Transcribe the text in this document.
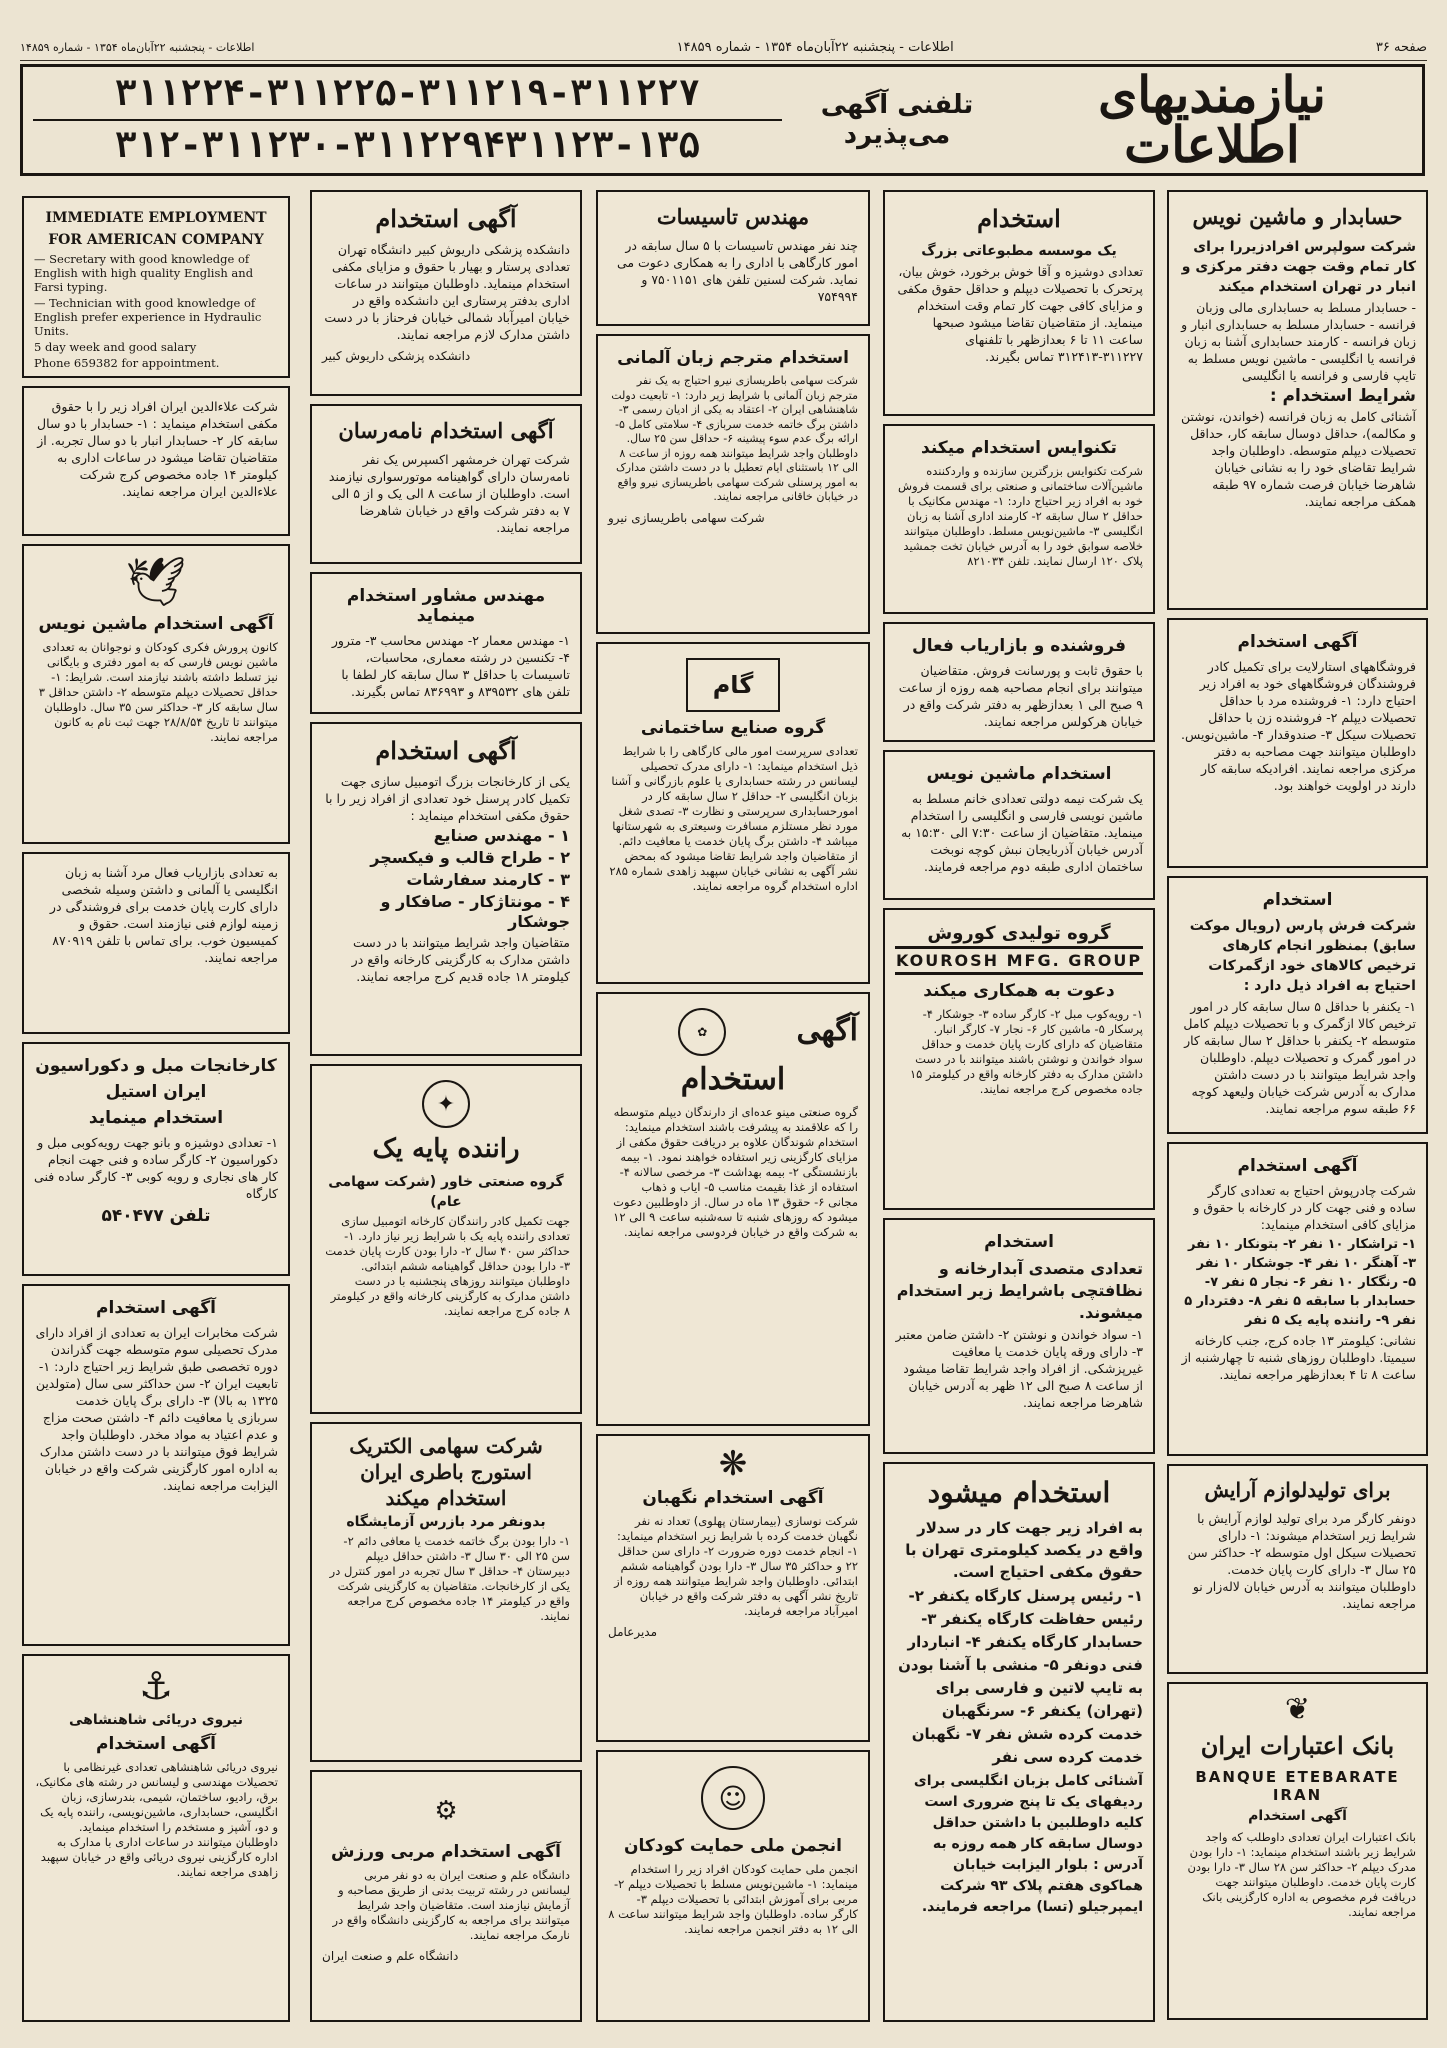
صفحه ٣۶
اطلاعات - پنجشنبه ٢٢آبان‌ماه ١٣۵۴ - شماره ١۴٨۵٩
اطلاعات - پنجشنبه ٢٢آبان‌ماه ١٣۵۴ - شماره ١۴٨۵٩
نیازمندیهای اطلاعات
تلفنی آگهی می‌پذیرد
٣١١٢٢۴-٣١١٢٢۵-٣١١٢٢٧-٣١١٢١٩
٣١١٢٢٩-٣١١٢٣٠-٣١٢۴١٣-٣١١٢٣۵
حسابدار و ماشین نویس
شرکت سولپرس افرادزیررا برای کار تمام وقت جهت دفتر مرکزی و انبار در تهران استخدام میکند
- حسابدار مسلط به حسابداری مالی وزبان فرانسه - حسابدار مسلط به حسابداری انبار و زبان فرانسه - کارمند حسابداری آشنا به زبان فرانسه یا انگلیسی - ماشین نویس مسلط به تایپ فارسی و فرانسه یا انگلیسی
شرایط استخدام :
آشنائی کامل به زبان فرانسه (خواندن، نوشتن و مکالمه)، حداقل دوسال سابقه کار، حداقل تحصیلات دیپلم متوسطه. داوطلبان واجد شرایط تقاضای خود را به نشانی خیابان شاهرضا خیابان فرصت شماره ۹٧ طبقه همکف مراجعه نمایند.
آگهی استخدام
فروشگاههای استارلایت برای تکمیل کادر فروشندگان فروشگاههای خود به افراد زیر احتیاج دارد: ١- فروشنده مرد با حداقل تحصیلات دیپلم ٢- فروشنده زن با حداقل تحصیلات سیکل ٣- صندوقدار ۴- ماشین‌نویس. داوطلبان میتوانند جهت مصاحبه به دفتر مرکزی مراجعه نمایند. افرادیکه سابقه کار دارند در اولویت خواهند بود.
استخدام
شرکت فرش پارس (رویال موکت سابق) بمنظور انجام کارهای ترخیص کالاهای خود ازگمرکات احتیاج به افراد ذیل دارد :
١- یکنفر با حداقل ۵ سال سابقه کار در امور ترخیص کالا ازگمرک و با تحصیلات دیپلم کامل متوسطه ٢- یکنفر با حداقل ٢ سال سابقه کار در امور گمرک و تحصیلات دیپلم. داوطلبان واجد شرایط میتوانند با در دست داشتن مدارک به آدرس شرکت خیابان ولیعهد کوچه ۶۶ طبقه سوم مراجعه نمایند.
آگهی استخدام
شرکت چادرپوش احتیاج به تعدادی کارگر ساده و فنی جهت کار در کارخانه با حقوق و مزایای کافی استخدام مینماید:
١- تراشکار ١٠ نفر ٢- بتونکار ١٠ نفر ٣- آهنگر ١٠ نفر ۴- جوشکار ١٠ نفر ۵- رنگکار ١٠ نفر ۶- نجار ۵ نفر ٧- حسابدار با سابقه ۵ نفر ٨- دفتردار ۵ نفر ٩- راننده پایه یک ۵ نفر
نشانی: کیلومتر ١٣ جاده کرج، جنب کارخانه سیمیتا. داوطلبان روزهای شنبه تا چهارشنبه از ساعت ٨ تا ۴ بعدازظهر مراجعه نمایند.
برای تولیدلوازم آرایش
دونفر کارگر مرد برای تولید لوازم آرایش با شرایط زیر استخدام میشوند: ١- دارای تحصیلات سیکل اول متوسطه ٢- حداکثر سن ٢۵ سال ٣- دارای کارت پایان خدمت. داوطلبان میتوانند به آدرس خیابان لاله‌زار نو مراجعه نمایند.
❦
بانک اعتبارات ایران
BANQUE ETEBARATE IRAN
آگهی استخدام
بانک اعتبارات ایران تعدادی داوطلب که واجد شرایط زیر باشند استخدام مینماید: ١- دارا بودن مدرک دیپلم ٢- حداکثر سن ٢٨ سال ٣- دارا بودن کارت پایان خدمت. داوطلبان میتوانند جهت دریافت فرم مخصوص به اداره کارگزینی بانک مراجعه نمایند.
استخدام
یک موسسه مطبوعاتی بزرگ
تعدادی دوشیزه و آقا خوش برخورد، خوش بیان، پرتحرک با تحصیلات دیپلم و حداقل حقوق مکفی و مزایای کافی جهت کار تمام وقت استخدام مینماید. از متقاضیان تقاضا میشود صبحها ساعت ١١ تا ۶ بعدازظهر با تلفنهای ٣١١٢٢٧-٣١٢۴١٣ تماس بگیرند.
تکنوایس استخدام میکند
شرکت تکنوایس بزرگترین سازنده و واردکننده ماشین‌آلات ساختمانی و صنعتی برای قسمت فروش خود به افراد زیر احتیاج دارد: ١- مهندس مکانیک با حداقل ٢ سال سابقه ٢- کارمند اداری آشنا به زبان انگلیسی ٣- ماشین‌نویس مسلط. داوطلبان میتوانند خلاصه سوابق خود را به آدرس خیابان تخت جمشید پلاک ١٢٠ ارسال نمایند. تلفن ٨٢١٠٣۴
فروشنده و بازاریاب فعال
با حقوق ثابت و پورسانت فروش. متقاضیان میتوانند برای انجام مصاحبه همه روزه از ساعت ٩ صبح الی ١ بعدازظهر به دفتر شرکت واقع در خیابان هرکولس مراجعه نمایند.
استخدام ماشین نویس
یک شرکت نیمه دولتی تعدادی خانم مسلط به ماشین نویسی فارسی و انگلیسی را استخدام مینماید. متقاضیان از ساعت ٧:٣٠ الی ١۵:٣٠ به آدرس خیابان آذربایجان نبش کوچه نوبخت ساختمان اداری طبقه دوم مراجعه فرمایند.
گروه تولیدی کوروش
KOUROSH MFG. GROUP
دعوت به همکاری میکند
١- رویه‌کوب مبل ٢- کارگر ساده ٣- جوشکار ۴- پرسکار ۵- ماشین کار ۶- نجار ٧- کارگر انبار. متقاضیان که دارای کارت پایان خدمت و حداقل سواد خواندن و نوشتن باشند میتوانند با در دست داشتن مدارک به دفتر کارخانه واقع در کیلومتر ١۵ جاده مخصوص کرج مراجعه نمایند.
استخدام
تعدادی متصدی آبدارخانه و نظافتچی باشرایط زیر استخدام میشوند.
١- سواد خواندن و نوشتن ٢- داشتن ضامن معتبر ٣- دارای ورقه پایان خدمت یا معافیت غیرپزشکی. از افراد واجد شرایط تقاضا میشود از ساعت ٨ صبح الی ١٢ ظهر به آدرس خیابان شاهرضا مراجعه نمایند.
استخدام میشود
به افراد زیر جهت کار در سدلار واقع در یکصد کیلومتری تهران با حقوق مکفی احتیاج است.
١- رئیس پرسنل کارگاه یکنفر ٢- رئیس حفاظت کارگاه یکنفر ٣- حسابدار کارگاه یکنفر ۴- انباردار فنی دونفر ۵- منشی با آشنا بودن به تایپ لاتین و فارسی برای (تهران) یکنفر ۶- سرنگهبان خدمت کرده شش نفر ٧- نگهبان خدمت کرده سی نفر
آشنائی کامل بزبان انگلیسی برای ردیفهای یک تا پنج ضروری است کلیه داوطلبین با داشتن حداقل دوسال سابقه کار همه روزه به آدرس : بلوار الیزابت خیابان هماکوی هفتم پلاک ٩٣ شرکت ایمپرجیلو (تسا) مراجعه فرمایند.
مهندس تاسیسات
چند نفر مهندس تاسیسات با ۵ سال سابقه در امور کارگاهی با اداری را به همکاری دعوت می نماید. شرکت لسنین تلفن های ٧۵٠١١۵١ و ٧۵۴٩٩۴
استخدام مترجم زبان آلمانی
شرکت سهامی باطریسازی نیرو احتیاج به یک نفر مترجم زبان آلمانی با شرایط زیر دارد: ١- تابعیت دولت شاهنشاهی ایران ٢- اعتقاد به یکی از ادیان رسمی ٣- داشتن برگ خاتمه خدمت سربازی ۴- سلامتی کامل ۵- ارائه برگ عدم سوء پیشینه ۶- حداقل سن ٢۵ سال. داوطلبان واجد شرایط میتوانند همه روزه از ساعت ٨ الی ١٢ باستثنای ایام تعطیل با در دست داشتن مدارک به امور پرسنلی شرکت سهامی باطریسازی نیرو واقع در خیابان خاقانی مراجعه نمایند.
شرکت سهامی باطریسازی نیرو
گام
گروه صنایع ساختمانی
تعدادی سرپرست امور مالی کارگاهی را با شرایط ذیل استخدام مینماید: ١- دارای مدرک تحصیلی لیسانس در رشته حسابداری یا علوم بازرگانی و آشنا بزبان انگلیسی ٢- حداقل ٢ سال سابقه کار در امورحسابداری سرپرستی و نظارت ٣- تصدی شغل مورد نظر مستلزم مسافرت وسیعتری به شهرستانها میباشد ۴- داشتن برگ پایان خدمت یا معافیت دائم. از متقاضیان واجد شرایط تقاضا میشود که بمحض نشر آگهی به نشانی خیابان سپهبد زاهدی شماره ٢٨۵ اداره استخدام گروه مراجعه نمایند.
آگهی
✿
استخدام
گروه صنعتی مینو عده‌ای از دارندگان دیپلم متوسطه را که علاقمند به پیشرفت باشند استخدام مینماید: استخدام شوندگان علاوه بر دریافت حقوق مکفی از مزایای کارگزینی زیر استفاده خواهند نمود. ١- بیمه بازنشستگی ٢- بیمه بهداشت ٣- مرخصی سالانه ۴- استفاده از غذا بقیمت مناسب ۵- ایاب و ذهاب مجانی ۶- حقوق ١٣ ماه در سال. از داوطلبین دعوت میشود که روزهای شنبه تا سه‌شنبه ساعت ٩ الی ١٢ به شرکت واقع در خیابان فردوسی مراجعه نمایند.
❋
آگهی استخدام نگهبان
شرکت نوسازی (بیمارستان پهلوی) تعداد نه نفر نگهبان خدمت کرده با شرایط زیر استخدام مینماید: ١- انجام خدمت دوره ضرورت ٢- دارای سن حداقل ٢٢ و حداکثر ٣۵ سال ٣- دارا بودن گواهینامه ششم ابتدائی. داوطلبان واجد شرایط میتوانند همه روزه از تاریخ نشر آگهی به دفتر شرکت واقع در خیابان امیرآباد مراجعه فرمایند.
مدیرعامل
☺
انجمن ملی حمایت کودکان
انجمن ملی حمایت کودکان افراد زیر را استخدام مینماید: ١- ماشین‌نویس مسلط با تحصیلات دیپلم ٢- مربی برای آموزش ابتدائی با تحصیلات دیپلم ٣- کارگر ساده. داوطلبان واجد شرایط میتوانند ساعت ٨ الی ١٢ به دفتر انجمن مراجعه نمایند.
آگهی استخدام
دانشکده پزشکی داریوش کبیر دانشگاه تهران تعدادی پرستار و بهیار با حقوق و مزایای مکفی استخدام مینماید. داوطلبان میتوانند در ساعات اداری بدفتر پرستاری این دانشکده واقع در خیابان امیرآباد شمالی خیابان فرحناز با در دست داشتن مدارک لازم مراجعه نمایند.
دانشکده پزشکی داریوش کبیر
آگهی استخدام نامه‌رسان
شرکت تهران خرمشهر اکسپرس یک نفر نامه‌رسان دارای گواهینامه موتورسواری نیازمند است. داوطلبان از ساعت ٨ الی یک و از ۵ الی ٧ به دفتر شرکت واقع در خیابان شاهرضا مراجعه نمایند.
مهندس مشاور استخدام مینماید
١- مهندس معمار ٢- مهندس محاسب ٣- مترور ۴- تکنسین در رشته معماری، محاسبات، تاسیسات با حداقل ٣ سال سابقه کار لطفا با تلفن های ٨٣٩۵٣٢ و ٨٣۶٩٩٣ تماس بگیرند.
آگهی استخدام
یکی از کارخانجات بزرگ اتومبیل سازی جهت تکمیل کادر پرسنل خود تعدادی از افراد زیر را با حقوق مکفی استخدام مینماید :
١ - مهندس صنایع
٢ - طراح قالب و فیکسچر
٣ - کارمند سفارشات
۴ - مونتاژکار - صافکار و جوشکار
متقاضیان واجد شرایط میتوانند با در دست داشتن مدارک به کارگزینی کارخانه واقع در کیلومتر ١٨ جاده قدیم کرج مراجعه نمایند.
✦
راننده پایه یک
گروه صنعتی خاور (شرکت سهامی عام)
جهت تکمیل کادر رانندگان کارخانه اتومبیل سازی تعدادی راننده پایه یک با شرایط زیر نیاز دارد. ١- حداکثر سن ۴٠ سال ٢- دارا بودن کارت پایان خدمت ٣- دارا بودن حداقل گواهینامه ششم ابتدائی. داوطلبان میتوانند روزهای پنجشنبه با در دست داشتن مدارک به کارگزینی کارخانه واقع در کیلومتر ٨ جاده کرج مراجعه نمایند.
شرکت سهامی الکتریک
استورج باطری ایران
استخدام میکند
بدونفر مرد بازرس آزمایشگاه
١- دارا بودن برگ خاتمه خدمت یا معافی دائم ٢- سن ٢۵ الی ٣٠ سال ٣- داشتن حداقل دیپلم دبیرستان ۴- حداقل ٣ سال تجربه در امور کنترل در یکی از کارخانجات. متقاضیان به کارگزینی شرکت واقع در کیلومتر ١۴ جاده مخصوص کرج مراجعه نمایند.
⚙
آگهی استخدام مربی ورزش
دانشگاه علم و صنعت ایران به دو نفر مربی لیسانس در رشته تربیت بدنی از طریق مصاحبه و آزمایش نیازمند است. متقاضیان واجد شرایط میتوانند برای مراجعه به کارگزینی دانشگاه واقع در نارمک مراجعه نمایند.
دانشگاه علم و صنعت ایران
IMMEDIATE EMPLOYMENT
FOR AMERICAN COMPANY
— Secretary with good knowledge of English with high quality English and Farsi typing.
— Technician with good knowledge of English prefer experience in Hydraulic Units.
5 day week and good salary
Phone 659382 for appointment.
شرکت علاءالدین ایران افراد زیر را با حقوق مکفی استخدام مینماید : ١- حسابدار با دو سال سابقه کار ٢- حسابدار انبار با دو سال تجربه. از متقاضیان تقاضا میشود در ساعات اداری به کیلومتر ١۴ جاده مخصوص کرج شرکت علاءالدین ایران مراجعه نمایند.
🕊
آگهی استخدام ماشین نویس
کانون پرورش فکری کودکان و نوجوانان به تعدادی ماشین نویس فارسی که به امور دفتری و بایگانی نیز تسلط داشته باشند نیازمند است. شرایط: ١- حداقل تحصیلات دیپلم متوسطه ٢- داشتن حداقل ٣ سال سابقه کار ٣- حداکثر سن ٣۵ سال. داوطلبان میتوانند تا تاریخ ٢٨/٨/۵۴ جهت ثبت نام به کانون مراجعه نمایند.
به تعدادی بازاریاب فعال مرد آشنا به زبان انگلیسی یا آلمانی و داشتن وسیله شخصی دارای کارت پایان خدمت برای فروشندگی در زمینه لوازم فنی نیازمند است. حقوق و کمیسیون خوب. برای تماس با تلفن ٨٧٠٩١٩ مراجعه نمایند.
کارخانجات مبل و دکوراسیون
ایران استیل
استخدام مینماید
١- تعدادی دوشیزه و بانو جهت رویه‌کوبی مبل و دکوراسیون ٢- کارگر ساده و فنی جهت انجام کار های نجاری و رویه کوبی ٣- کارگر ساده فنی کارگاه
تلفن ۵۴٠۴٧٧
آگهی استخدام
شرکت مخابرات ایران به تعدادی از افراد دارای مدرک تحصیلی سوم متوسطه جهت گذراندن دوره تخصصی طبق شرایط زیر احتیاج دارد: ١- تابعیت ایران ٢- سن حداکثر سی سال (متولدین ١٣٢۵ به بالا) ٣- دارای برگ پایان خدمت سربازی یا معافیت دائم ۴- داشتن صحت مزاج و عدم اعتیاد به مواد مخدر. داوطلبان واجد شرایط فوق میتوانند با در دست داشتن مدارک به اداره امور کارگزینی شرکت واقع در خیابان الیزابت مراجعه نمایند.
⚓
نیروی دریائی شاهنشاهی
آگهی استخدام
نیروی دریائی شاهنشاهی تعدادی غیرنظامی با تحصیلات مهندسی و لیسانس در رشته های مکانیک، برق، رادیو، ساختمان، شیمی، بندرسازی، زبان انگلیسی، حسابداری، ماشین‌نویسی، راننده پایه یک و دو، آشپز و مستخدم را استخدام مینماید. داوطلبان میتوانند در ساعات اداری با مدارک به اداره کارگزینی نیروی دریائی واقع در خیابان سپهبد زاهدی مراجعه نمایند.
